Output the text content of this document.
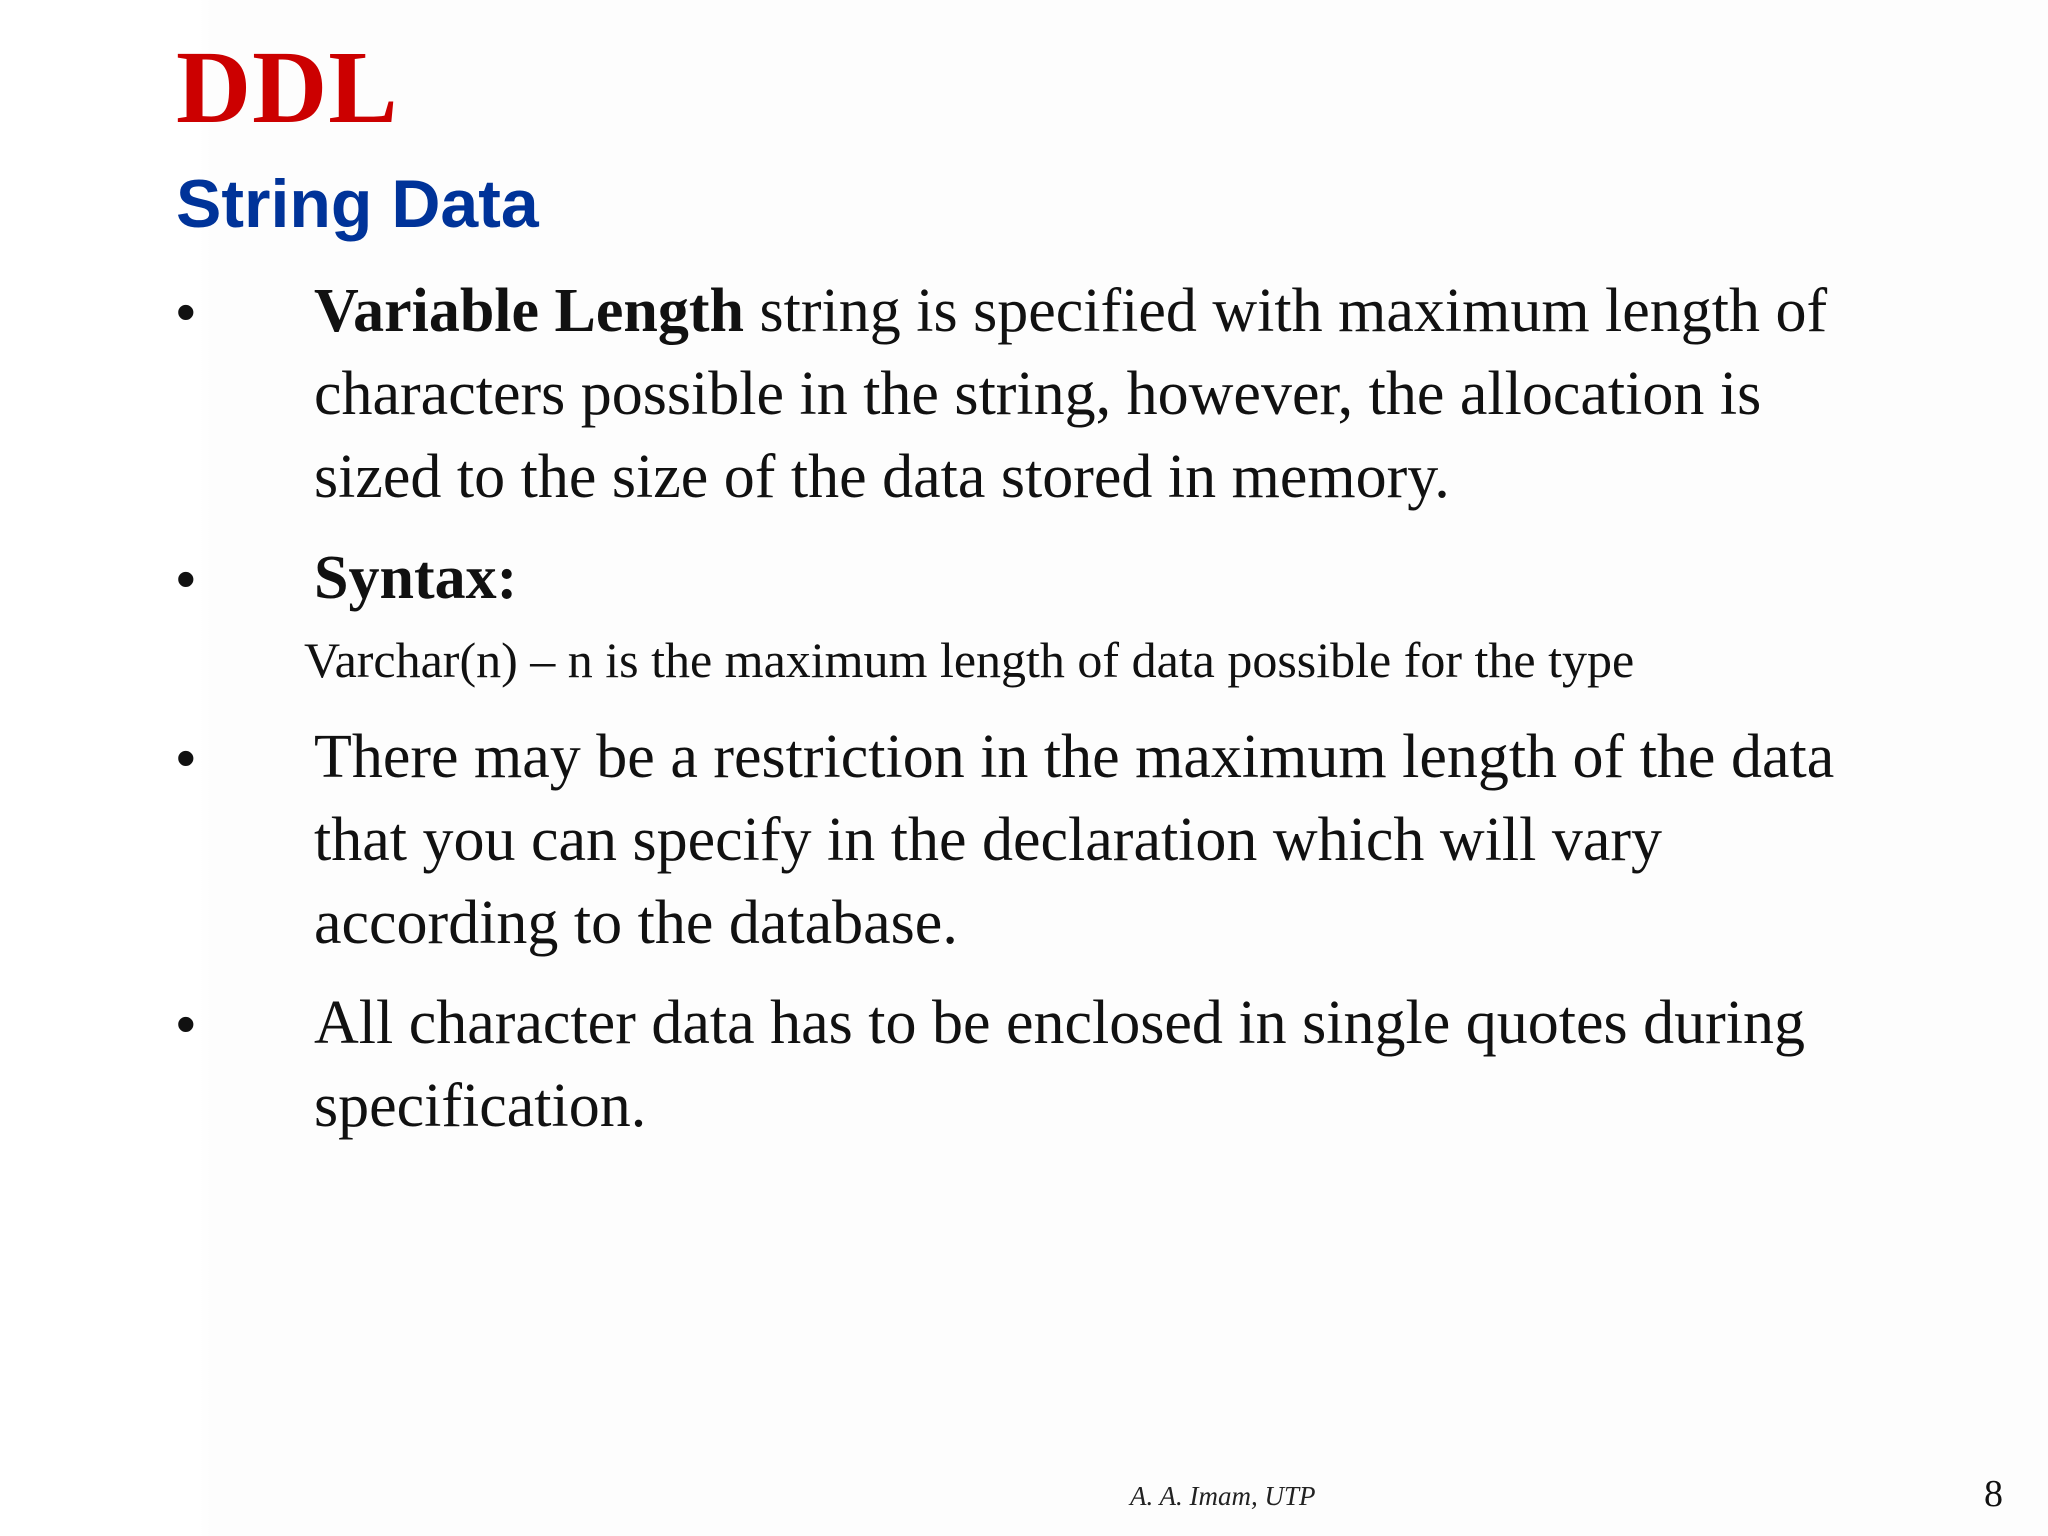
DDL
String Data
•	Variable Length string is specified with maximum length of
characters possible in the string, however, the allocation is
sized to the size of the data stored in memory.
•	Syntax:
Varchar(n) – n is the maximum length of data possible for the type
•	There may be a restriction in the maximum length of the data
that you can specify in the declaration which will vary
according to the database.
•	All character data has to be enclosed in single quotes during
specification.
A. A. Imam, UTP	8
